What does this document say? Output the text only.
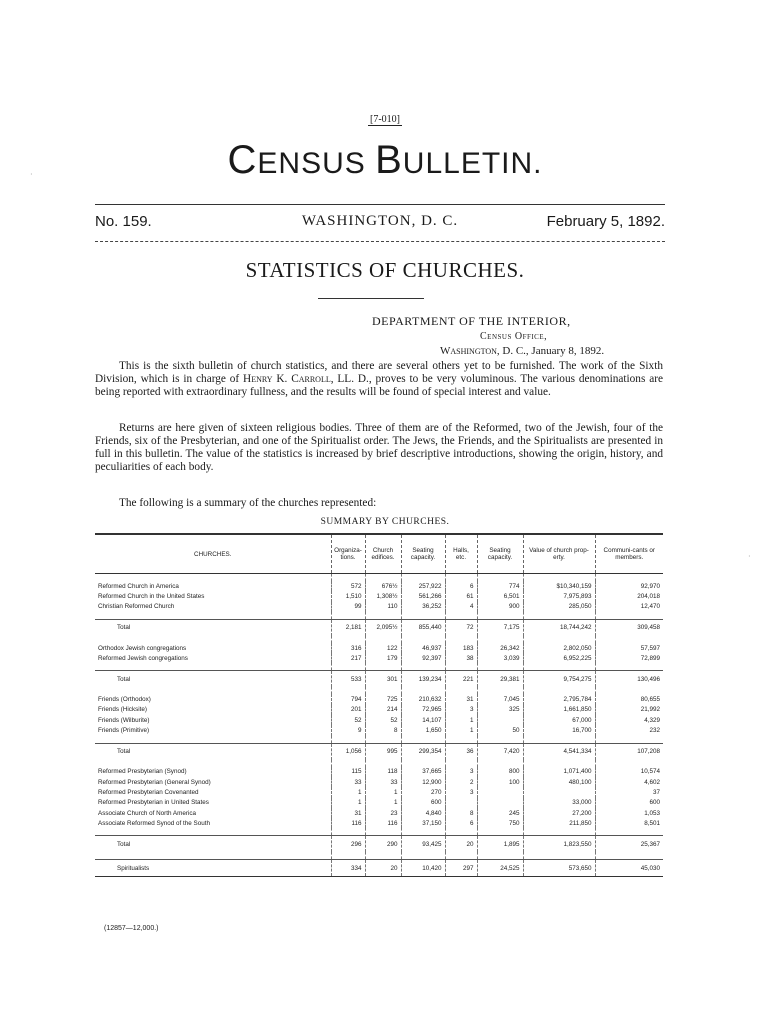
[7-010]
CENSUS BULLETIN.
No. 159.	WASHINGTON, D. C.	February 5, 1892.
STATISTICS OF CHURCHES.
DEPARTMENT OF THE INTERIOR,
Census Office,
Washington, D. C., January 8, 1892.
This is the sixth bulletin of church statistics, and there are several others yet to be furnished. The work of the Sixth Division, which is in charge of Henry K. Carroll, LL. D., proves to be very voluminous. The various denominations are being reported with extraordinary fullness, and the results will be found of special interest and value.
Returns are here given of sixteen religious bodies. Three of them are of the Reformed, two of the Jewish, four of the Friends, six of the Presbyterian, and one of the Spiritualist order. The Jews, the Friends, and the Spiritualists are presented in full in this bulletin. The value of the statistics is increased by brief descriptive introductions, showing the origin, history, and peculiarities of each body.
The following is a summary of the churches represented:
SUMMARY BY CHURCHES.
CHURCHES.	Organiza-tions.	Church edifices.	Seating capacity.	Halls, etc.	Seating capacity.	Value of church prop-erty.	Communi-cants or members.

Reformed Church in America	572	676½	257,922	6	774	$10,340,159	92,970
Reformed Church in the United States	1,510	1,308½	561,266	61	6,501	7,975,893	204,018
Christian Reformed Church	99	110	36,252	4	900	285,050	12,470

Total	2,181	2,095½	855,440	72	7,175	18,744,242	309,458

Orthodox Jewish congregations	316	122	46,937	183	26,342	2,802,050	57,597
Reformed Jewish congregations	217	179	92,397	38	3,039	6,952,225	72,899

Total	533	301	139,234	221	29,381	9,754,275	130,496

Friends (Orthodox)	794	725	210,632	31	7,045	2,795,784	80,655
Friends (Hicksite)	201	214	72,965	3	325	1,661,850	21,992
Friends (Wilburite)	52	52	14,107	1		67,000	4,329
Friends (Primitive)	9	8	1,650	1	50	16,700	232

Total	1,056	995	299,354	36	7,420	4,541,334	107,208

Reformed Presbyterian (Synod)	115	118	37,665	3	800	1,071,400	10,574
Reformed Presbyterian (General Synod)	33	33	12,900	2	100	480,100	4,602
Reformed Presbyterian Covenanted	1	1	270	3			37
Reformed Presbyterian in United States	1	1	600			33,000	600
Associate Church of North America	31	23	4,840	8	245	27,200	1,053
Associate Reformed Synod of the South	116	116	37,150	6	750	211,850	8,501

Total	296	290	93,425	20	1,895	1,823,550	25,367

Spiritualists	334	20	10,420	297	24,525	573,650	45,030
(12857—12,000.)
·
·
